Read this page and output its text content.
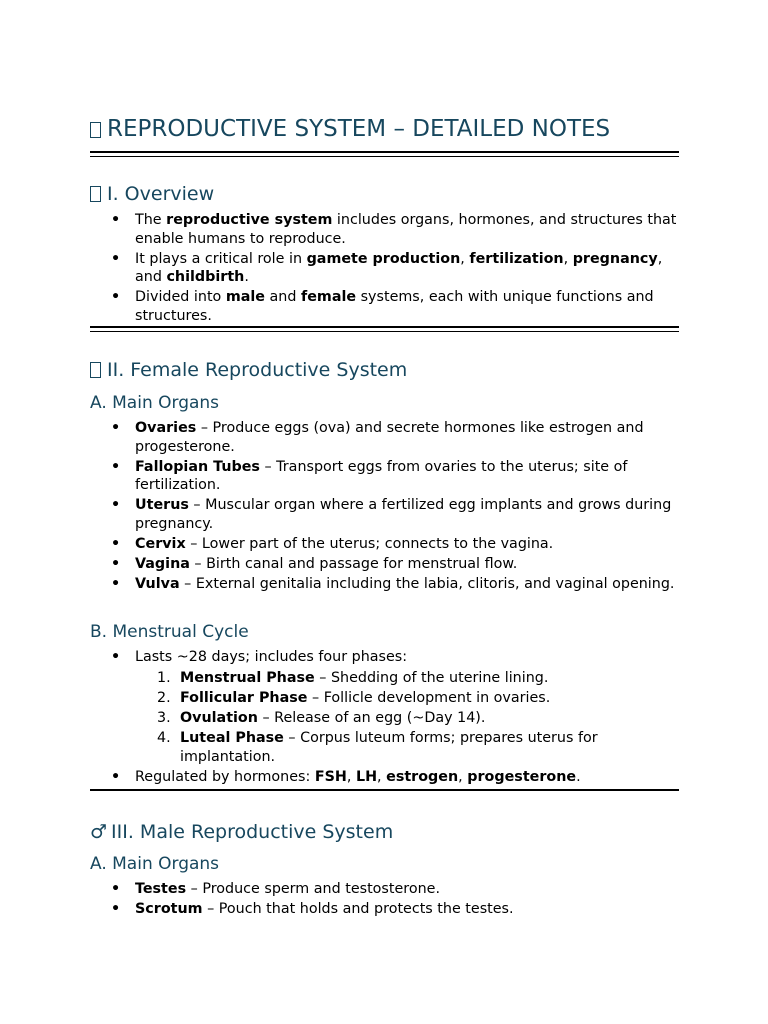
REPRODUCTIVE SYSTEM – DETAILED NOTES
I. Overview
• The reproductive system includes organs, hormones, and structures that enable humans to reproduce.
• It plays a critical role in gamete production, fertilization, pregnancy, and childbirth.
• Divided into male and female systems, each with unique functions and structures.
II. Female Reproductive System
A. Main Organs
• Ovaries – Produce eggs (ova) and secrete hormones like estrogen and progesterone.
• Fallopian Tubes – Transport eggs from ovaries to the uterus; site of fertilization.
• Uterus – Muscular organ where a fertilized egg implants and grows during pregnancy.
• Cervix – Lower part of the uterus; connects to the vagina.
• Vagina – Birth canal and passage for menstrual flow.
• Vulva – External genitalia including the labia, clitoris, and vaginal opening.
B. Menstrual Cycle
• Lasts ~28 days; includes four phases:
1. Menstrual Phase – Shedding of the uterine lining.
2. Follicular Phase – Follicle development in ovaries.
3. Ovulation – Release of an egg (~Day 14).
4. Luteal Phase – Corpus luteum forms; prepares uterus for implantation.
• Regulated by hormones: FSH, LH, estrogen, progesterone.
♂ III. Male Reproductive System
A. Main Organs
• Testes – Produce sperm and testosterone.
• Scrotum – Pouch that holds and protects the testes.
